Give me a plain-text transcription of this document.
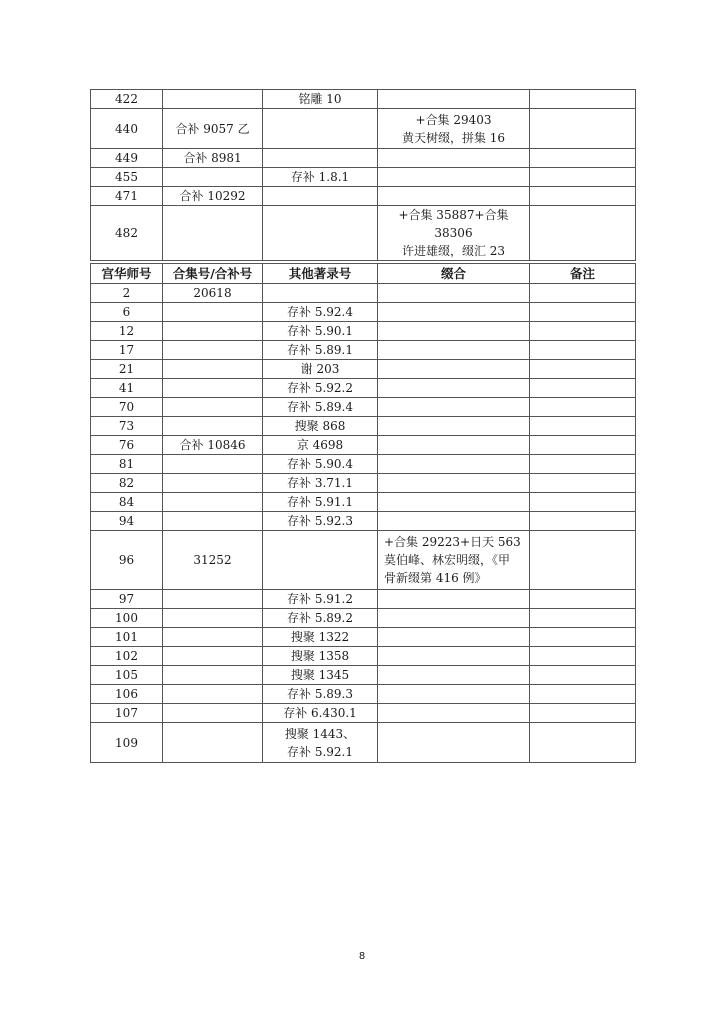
422		铭雕 10		
440	合补 9057 乙		+合集 29403
黄天树缀，拼集 16	

449	合补 8981			
455		存补 1.8.1		
471	合补 10292			
482			+合集 35887+合集 38306
许进雄缀，缀汇 23	

宫华师号	合集号/合补号	其他著录号	缀合	备注
2	20618			
6		存补 5.92.4		
12		存补 5.90.1		
17		存补 5.89.1		
21		谢 203		
41		存补 5.92.2		
70		存补 5.89.4		
73		搜聚 868		
76	合补 10846	京 4698		
81		存补 5.90.4		
82		存补 3.71.1		
84		存补 5.91.1		
94		存补 5.92.3		
96	31252		+合集 29223+日天 563
莫伯峰、林宏明缀，《甲
骨新缀第 416 例》	

97		存补 5.91.2		
100		存补 5.89.2		
101		搜聚 1322		
102		搜聚 1358		
105		搜聚 1345		
106		存补 5.89.3		
107		存补 6.430.1		
109		搜聚 1443、
存补 5.92.1		

8
